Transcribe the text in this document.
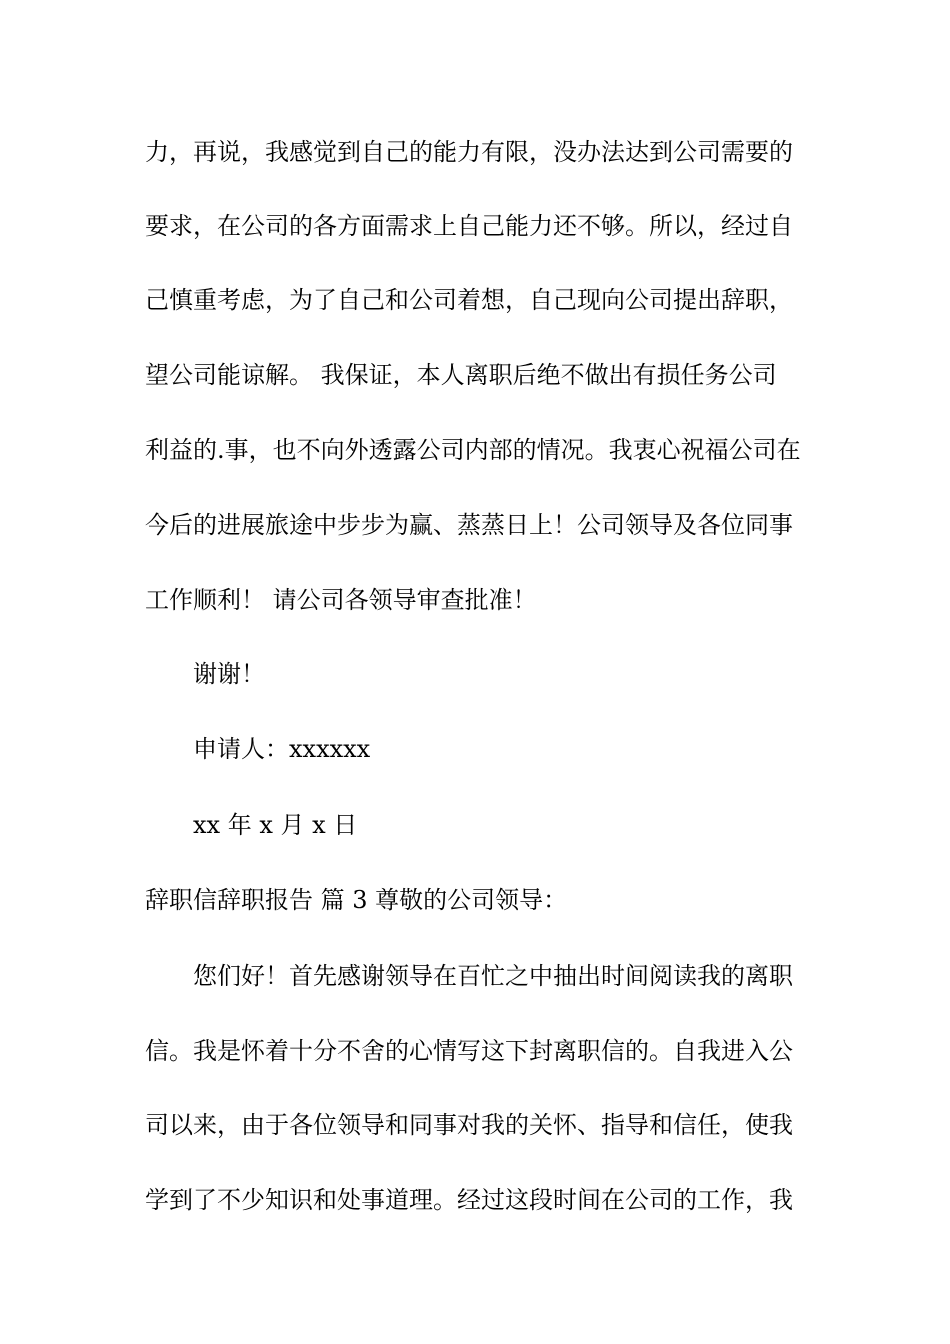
力，再说，我感觉到自己的能力有限，没办法达到公司需要的
要求，在公司的各方面需求上自己能力还不够。所以，经过自
己慎重考虑，为了自己和公司着想，自己现向公司提出辞职，
望公司能谅解。 我保证，本人离职后绝不做出有损任务公司
利益的.事，也不向外透露公司内部的情况。我衷心祝福公司在
今后的进展旅途中步步为赢、蒸蒸日上！公司领导及各位同事
工作顺利！ 请公司各领导审查批准！
谢谢！
申请人：xxxxxx
xx 年 x 月 x 日
辞职信辞职报告 篇 3 尊敬的公司领导：
您们好！首先感谢领导在百忙之中抽出时间阅读我的离职
信。我是怀着十分不舍的心情写这下封离职信的。自我进入公
司以来，由于各位领导和同事对我的关怀、指导和信任，使我
学到了不少知识和处事道理。经过这段时间在公司的工作，我
